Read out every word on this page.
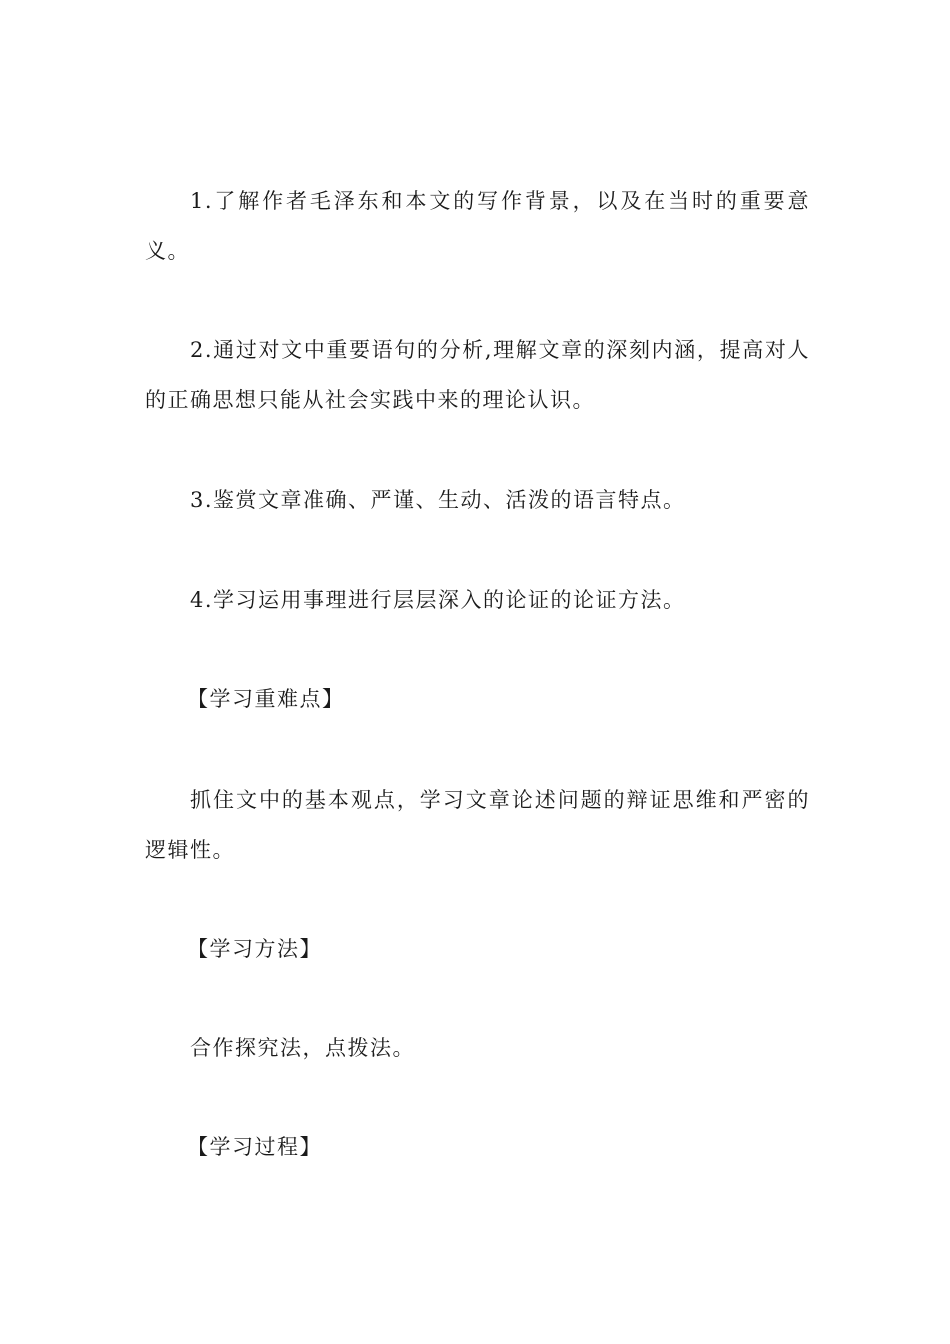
1.了解作者毛泽东和本文的写作背景，以及在当时的重要意义。

2.通过对文中重要语句的分析,理解文章的深刻内涵，提高对人的正确思想只能从社会实践中来的理论认识。

3.鉴赏文章准确、严谨、生动、活泼的语言特点。

4.学习运用事理进行层层深入的论证的论证方法。

【学习重难点】

抓住文中的基本观点，学习文章论述问题的辩证思维和严密的逻辑性。

【学习方法】

合作探究法，点拨法。

【学习过程】
